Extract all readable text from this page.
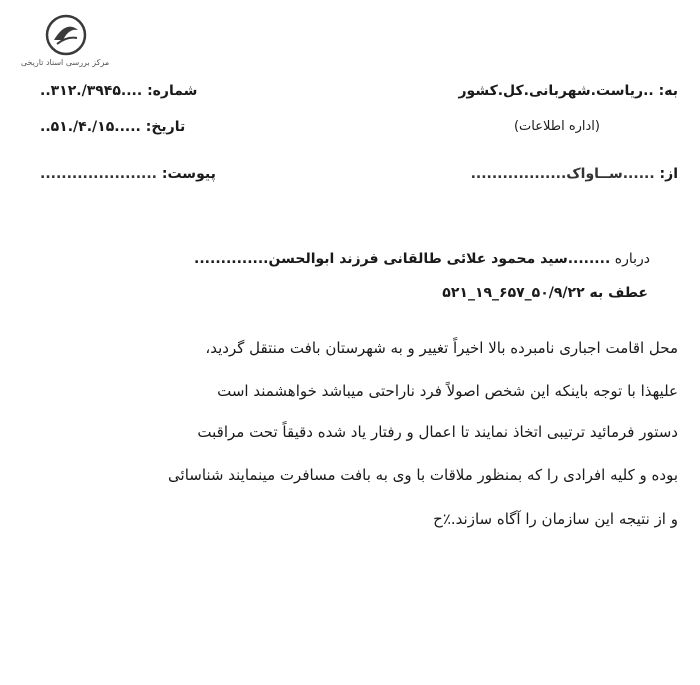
مرکز بررسی اسناد تاریخی
به: ..ریاست.شهربانی.کل.کشور
(اداره اطلاعات)
از: ......ســاواک..................
شماره: ....۳۹۴۵/.۳۱۲..
تاریخ: .....۱۵/.۴/.۵۱..
پیوست: ......................
درباره ........سید محمود علائی طالقانی فرزند ابوالحسن..............
عطف به ۵۰/۹/۲۲_۶۵۷_۱۹_۵۲۱
محل اقامت اجباری نامبرده بالا اخیراً تغییر و به شهرستان بافت منتقل گردید،
علیهذا با توجه باینکه این شخص اصولاً فرد ناراحتی میباشد خواهشمند است
دستور فرمائید ترتیبی اتخاذ نمایند تا اعمال و رفتار یاد شده دقیقاً تحت مراقبت
بوده و کلیه افرادی را که بمنظور ملاقات با وی به بافت مسافرت مینمایند شناسائی
و از نتیجه این سازمان را آگاه سازند.٪ح
